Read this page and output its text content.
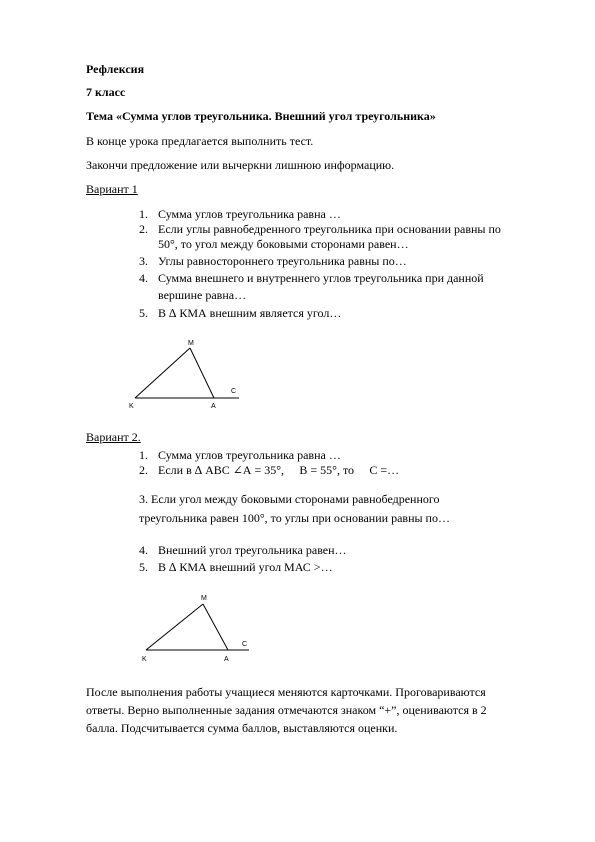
Рефлексия
7 класс
Тема «Сумма углов треугольника. Внешний угол треугольника»
В конце урока предлагается выполнить тест.
Закончи предложение или вычеркни лишнюю информацию.
Вариант 1
1. Сумма углов треугольника равна …
2. Если углы равнобедренного треугольника при основании равны по
50°, то угол между боковыми сторонами равен…
3. Углы равностороннего треугольника равны по…
4. Сумма внешнего и внутреннего углов треугольника при данной
вершине равна…
5. В ∆ КМА внешним является угол…
M
K	A
C
Вариант 2.
1. Сумма углов треугольника равна …
2. Если в ∆ АВС ∠А = 35°, ⃞ В = 55°, то ⃞ С =…
3. Если угол между боковыми сторонами равнобедренного
треугольника равен 100°, то углы при основании равны по…
4. Внешний угол треугольника равен…
5. В ∆ КМА внешний угол МАС >…
M
K	A
C
После выполнения работы учащиеся меняются карточками. Проговариваются
ответы. Верно выполненные задания отмечаются знаком “+”, оцениваются в 2
балла. Подсчитывается сумма баллов, выставляются оценки.
